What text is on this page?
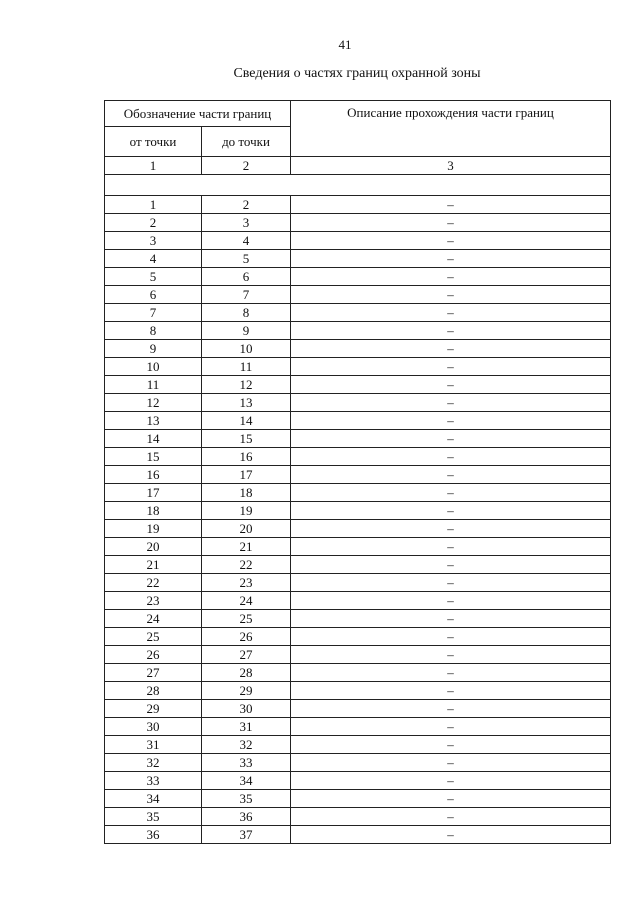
41
Сведения о частях границ охранной зоны
Обозначение части границ		Описание прохождения части границ
от точки	до точки	
1	2	3

1	2	–
2	3	–
3	4	–
4	5	–
5	6	–
6	7	–
7	8	–
8	9	–
9	10	–
10	11	–
11	12	–
12	13	–
13	14	–
14	15	–
15	16	–
16	17	–
17	18	–
18	19	–
19	20	–
20	21	–
21	22	–
22	23	–
23	24	–
24	25	–
25	26	–
26	27	–
27	28	–
28	29	–
29	30	–
30	31	–
31	32	–
32	33	–
33	34	–
34	35	–
35	36	–
36	37	–
